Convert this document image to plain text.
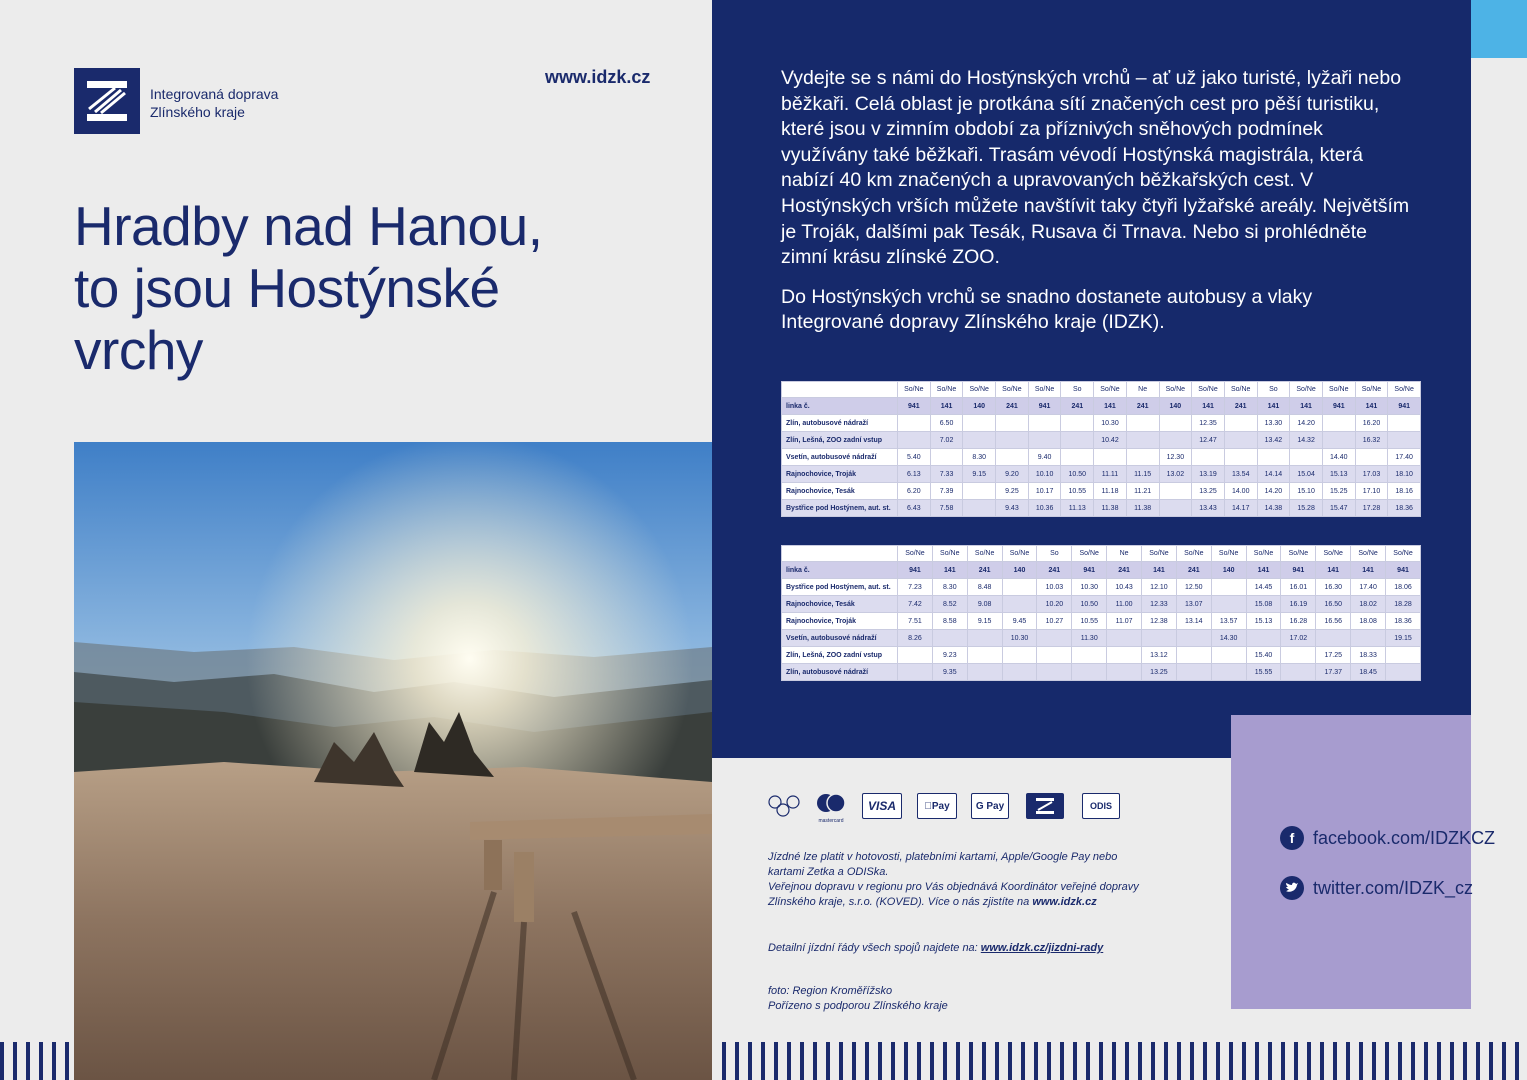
Integrovaná doprava
Zlínského kraje
www.idzk.cz
Hradby nad Hanou,
to jsou Hostýnské
vrchy

Vydejte se s námi do Hostýnských vrchů – ať už jako turisté, lyžaři nebo běžkaři. Celá oblast je protkána sítí značených cest pro pěší turistiku, které jsou v zimním období za příznivých sněhových podmínek využívány také běžkaři. Trasám vévodí Hostýnská magistrála, která nabízí 40 km značených a upravovaných běžkařských cest. V Hostýnských vrších můžete navštívit taky čtyři lyžařské areály. Největším je Troják, dalšími pak Tesák, Rusava či Trnava. Nebo si prohlédněte zimní krásu zlínské ZOO.

Do Hostýnských vrchů se snadno dostanete autobusy a vlaky Integrované dopravy Zlínského kraje (IDZK).

	So/Ne	So/Ne	So/Ne	So/Ne	So/Ne	So	So/Ne	Ne	So/Ne	So/Ne	So/Ne	So	So/Ne	So/Ne	So/Ne	So/Ne
linka č.	941	141	140	241	941	241	141	241	140	141	241	141	141	941	141	941
Zlín, autobusové nádraží		6.50					10.30			12.35		13.30	14.20		16.20	
Zlín, Lešná, ZOO zadní vstup		7.02					10.42			12.47		13.42	14.32		16.32	
Vsetín, autobusové nádraží	5.40		8.30		9.40				12.30					14.40		17.40
Rajnochovice, Troják	6.13	7.33	9.15	9.20	10.10	10.50	11.11	11.15	13.02	13.19	13.54	14.14	15.04	15.13	17.03	18.10
Rajnochovice, Tesák	6.20	7.39		9.25	10.17	10.55	11.18	11.21		13.25	14.00	14.20	15.10	15.25	17.10	18.16
Bystřice pod Hostýnem, aut. st.	6.43	7.58		9.43	10.36	11.13	11.38	11.38		13.43	14.17	14.38	15.28	15.47	17.28	18.36
	So/Ne	So/Ne	So/Ne	So/Ne	So	So/Ne	Ne	So/Ne	So/Ne	So/Ne	So/Ne	So/Ne	So/Ne	So/Ne	So/Ne
linka č.	941	141	241	140	241	941	241	141	241	140	141	941	141	141	941
Bystřice pod Hostýnem, aut. st.	7.23	8.30	8.48		10.03	10.30	10.43	12.10	12.50		14.45	16.01	16.30	17.40	18.06
Rajnochovice, Tesák	7.42	8.52	9.08		10.20	10.50	11.00	12.33	13.07		15.08	16.19	16.50	18.02	18.28
Rajnochovice, Troják	7.51	8.58	9.15	9.45	10.27	10.55	11.07	12.38	13.14	13.57	15.13	16.28	16.56	18.08	18.36
Vsetín, autobusové nádraží	8.26			10.30		11.30				14.30		17.02			19.15
Zlín, Lešná, ZOO zadní vstup		9.23						13.12			15.40		17.25	18.33	
Zlín, autobusové nádraží		9.35						13.25			15.55		17.37	18.45	
mastercard
VISA	Pay	G Pay	ODIS
Jízdné lze platit v hotovosti, platebními kartami, Apple/Google Pay nebo
kartami Zetka a ODISka.
Veřejnou dopravu v regionu pro Vás objednává Koordinátor veřejné dopravy
Zlínského kraje, s.r.o. (KOVED). Více o nás zjistíte na www.idzk.cz
Detailní jízdní řády všech spojů najdete na: www.idzk.cz/jizdni-rady
foto: Region Kroměřížsko
Pořízeno s podporou Zlínského kraje
f	facebook.com/IDZKCZ
twitter.com/IDZK_cz
